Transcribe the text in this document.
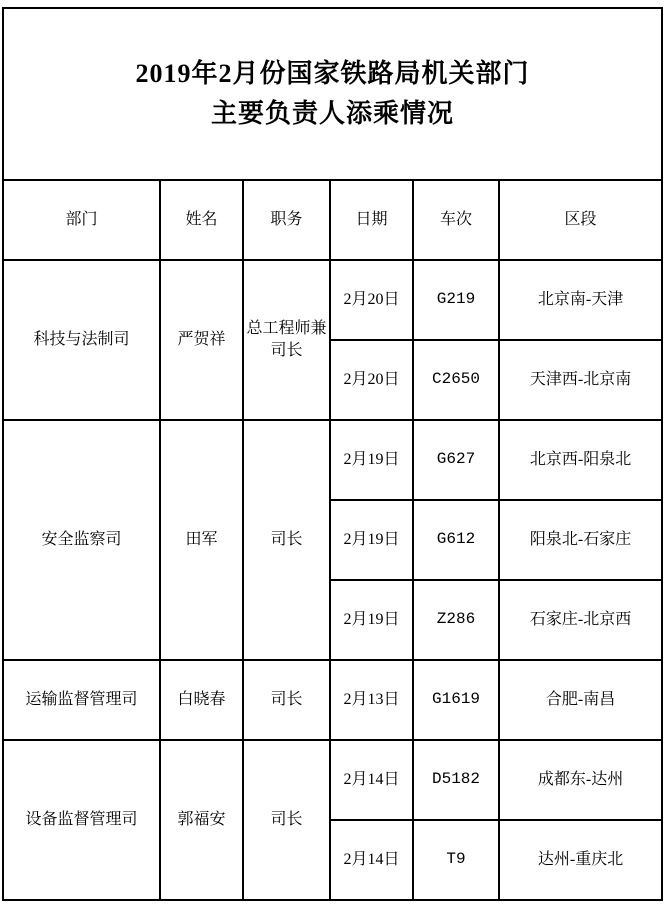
2019年2月份国家铁路局机关部门
主要负责人添乘情况					

部门	姓名	职务	日期	车次	区段
科技与法制司	严贺祥	总工程师兼司长	2月20日	G219	北京南-天津
			2月20日	C2650	天津西-北京南
安全监察司	田军	司长	2月19日	G627	北京西-阳泉北
			2月19日	G612	阳泉北-石家庄
			2月19日	Z286	石家庄-北京西
运输监督管理司	白晓春	司长	2月13日	G1619	合肥-南昌
设备监督管理司	郭福安	司长	2月14日	D5182	成都东-达州
			2月14日	T9	达州-重庆北
